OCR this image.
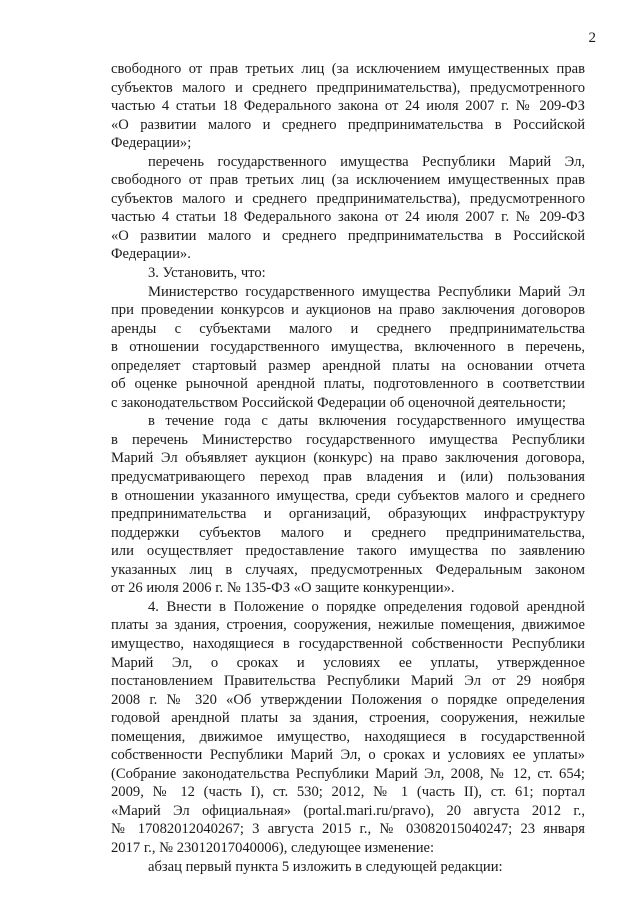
2

свободного от прав третьих лиц (за исключением имущественных прав

субъектов малого и среднего предпринимательства), предусмотренного

частью 4 статьи 18 Федерального закона от 24 июля 2007 г. № 209-ФЗ

«О развитии малого и среднего предпринимательства в Российской

Федерации»;

перечень государственного имущества Республики Марий Эл,

свободного от прав третьих лиц (за исключением имущественных прав

субъектов малого и среднего предпринимательства), предусмотренного

частью 4 статьи 18 Федерального закона от 24 июля 2007 г. № 209-ФЗ

«О развитии малого и среднего предпринимательства в Российской

Федерации».

3. Установить, что:

Министерство государственного имущества Республики Марий Эл

при проведении конкурсов и аукционов на право заключения договоров

аренды с субъектами малого и среднего предпринимательства

в отношении государственного имущества, включенного в перечень,

определяет стартовый размер арендной платы на основании отчета

об оценке рыночной арендной платы, подготовленного в соответствии

с законодательством Российской Федерации об оценочной деятельности;

в течение года с даты включения государственного имущества

в перечень Министерство государственного имущества Республики

Марий Эл объявляет аукцион (конкурс) на право заключения договора,

предусматривающего переход прав владения и (или) пользования

в отношении указанного имущества, среди субъектов малого и среднего

предпринимательства и организаций, образующих инфраструктуру

поддержки субъектов малого и среднего предпринимательства,

или осуществляет предоставление такого имущества по заявлению

указанных лиц в случаях, предусмотренных Федеральным законом

от 26 июля 2006 г. № 135-ФЗ «О защите конкуренции».

4. Внести в Положение о порядке определения годовой арендной

платы за здания, строения, сооружения, нежилые помещения, движимое

имущество, находящиеся в государственной собственности Республики

Марий Эл, о сроках и условиях ее уплаты, утвержденное

постановлением Правительства Республики Марий Эл от 29 ноября

2008 г. № 320 «Об утверждении Положения о порядке определения

годовой арендной платы за здания, строения, сооружения, нежилые

помещения, движимое имущество, находящиеся в государственной

собственности Республики Марий Эл, о сроках и условиях ее уплаты»

(Собрание законодательства Республики Марий Эл, 2008, № 12, ст. 654;

2009, № 12 (часть I), ст. 530; 2012, № 1 (часть II), ст. 61; портал

«Марий Эл официальная» (portal.mari.ru/pravo), 20 августа 2012 г.,

№ 17082012040267; 3 августа 2015 г., № 03082015040247; 23 января

2017 г., № 23012017040006), следующее изменение:

абзац первый пункта 5 изложить в следующей редакции:
